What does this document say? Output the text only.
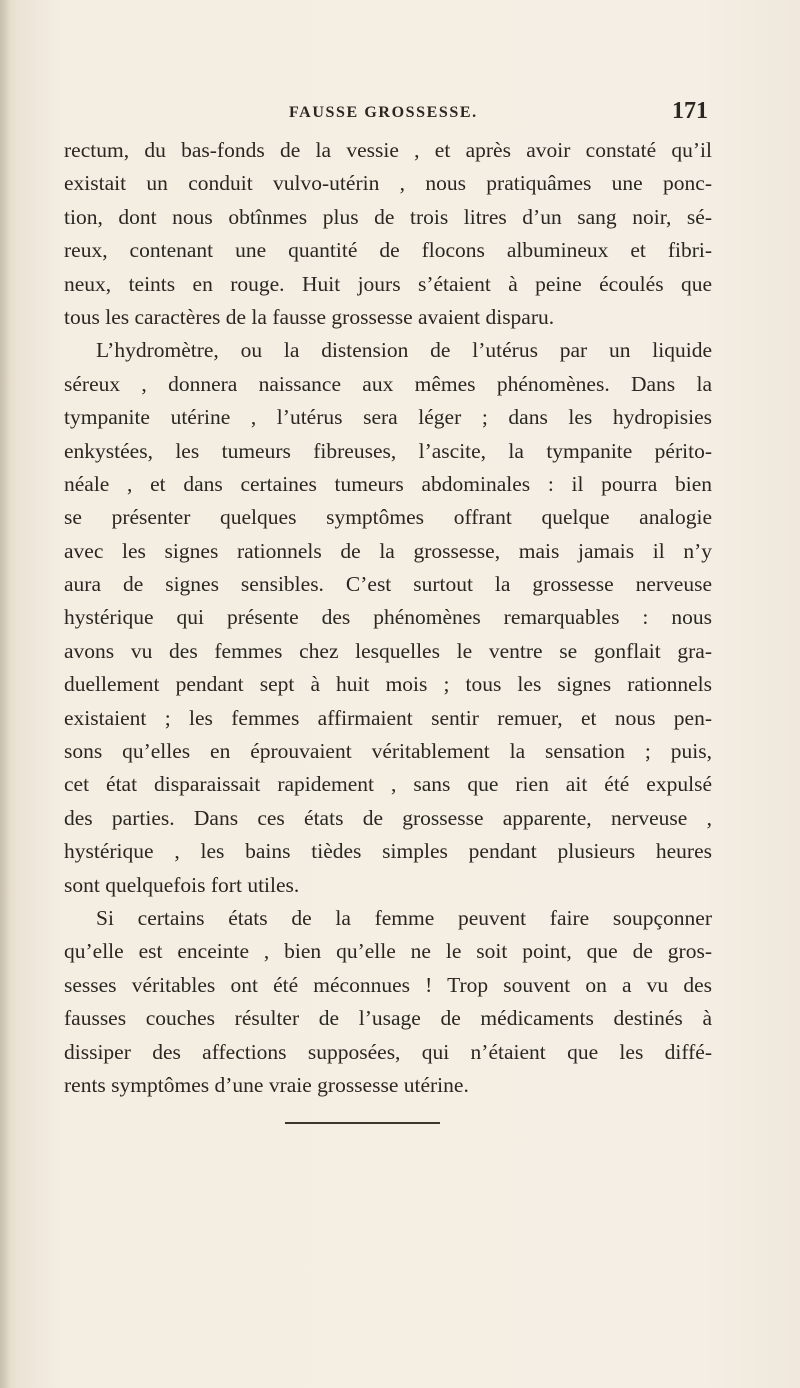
FAUSSE GROSSESSE.	171
rectum, du bas-fonds de la vessie , et après avoir constaté qu’il
existait un conduit vulvo-utérin , nous pratiquâmes une ponc-
tion, dont nous obtînmes plus de trois litres d’un sang noir, sé-
reux, contenant une quantité de flocons albumineux et fibri-
neux, teints en rouge. Huit jours s’étaient à peine écoulés que
tous les caractères de la fausse grossesse avaient disparu.
L’hydromètre, ou la distension de l’utérus par un liquide
séreux , donnera naissance aux mêmes phénomènes. Dans la
tympanite utérine , l’utérus sera léger ; dans les hydropisies
enkystées, les tumeurs fibreuses, l’ascite, la tympanite périto-
néale , et dans certaines tumeurs abdominales : il pourra bien
se présenter quelques symptômes offrant quelque analogie
avec les signes rationnels de la grossesse, mais jamais il n’y
aura de signes sensibles. C’est surtout la grossesse nerveuse
hystérique qui présente des phénomènes remarquables : nous
avons vu des femmes chez lesquelles le ventre se gonflait gra-
duellement pendant sept à huit mois ; tous les signes rationnels
existaient ; les femmes affirmaient sentir remuer, et nous pen-
sons qu’elles en éprouvaient véritablement la sensation ; puis,
cet état disparaissait rapidement , sans que rien ait été expulsé
des parties. Dans ces états de grossesse apparente, nerveuse ,
hystérique , les bains tièdes simples pendant plusieurs heures
sont quelquefois fort utiles.
Si certains états de la femme peuvent faire soupçonner
qu’elle est enceinte , bien qu’elle ne le soit point, que de gros-
sesses véritables ont été méconnues ! Trop souvent on a vu des
fausses couches résulter de l’usage de médicaments destinés à
dissiper des affections supposées, qui n’étaient que les diffé-
rents symptômes d’une vraie grossesse utérine.
